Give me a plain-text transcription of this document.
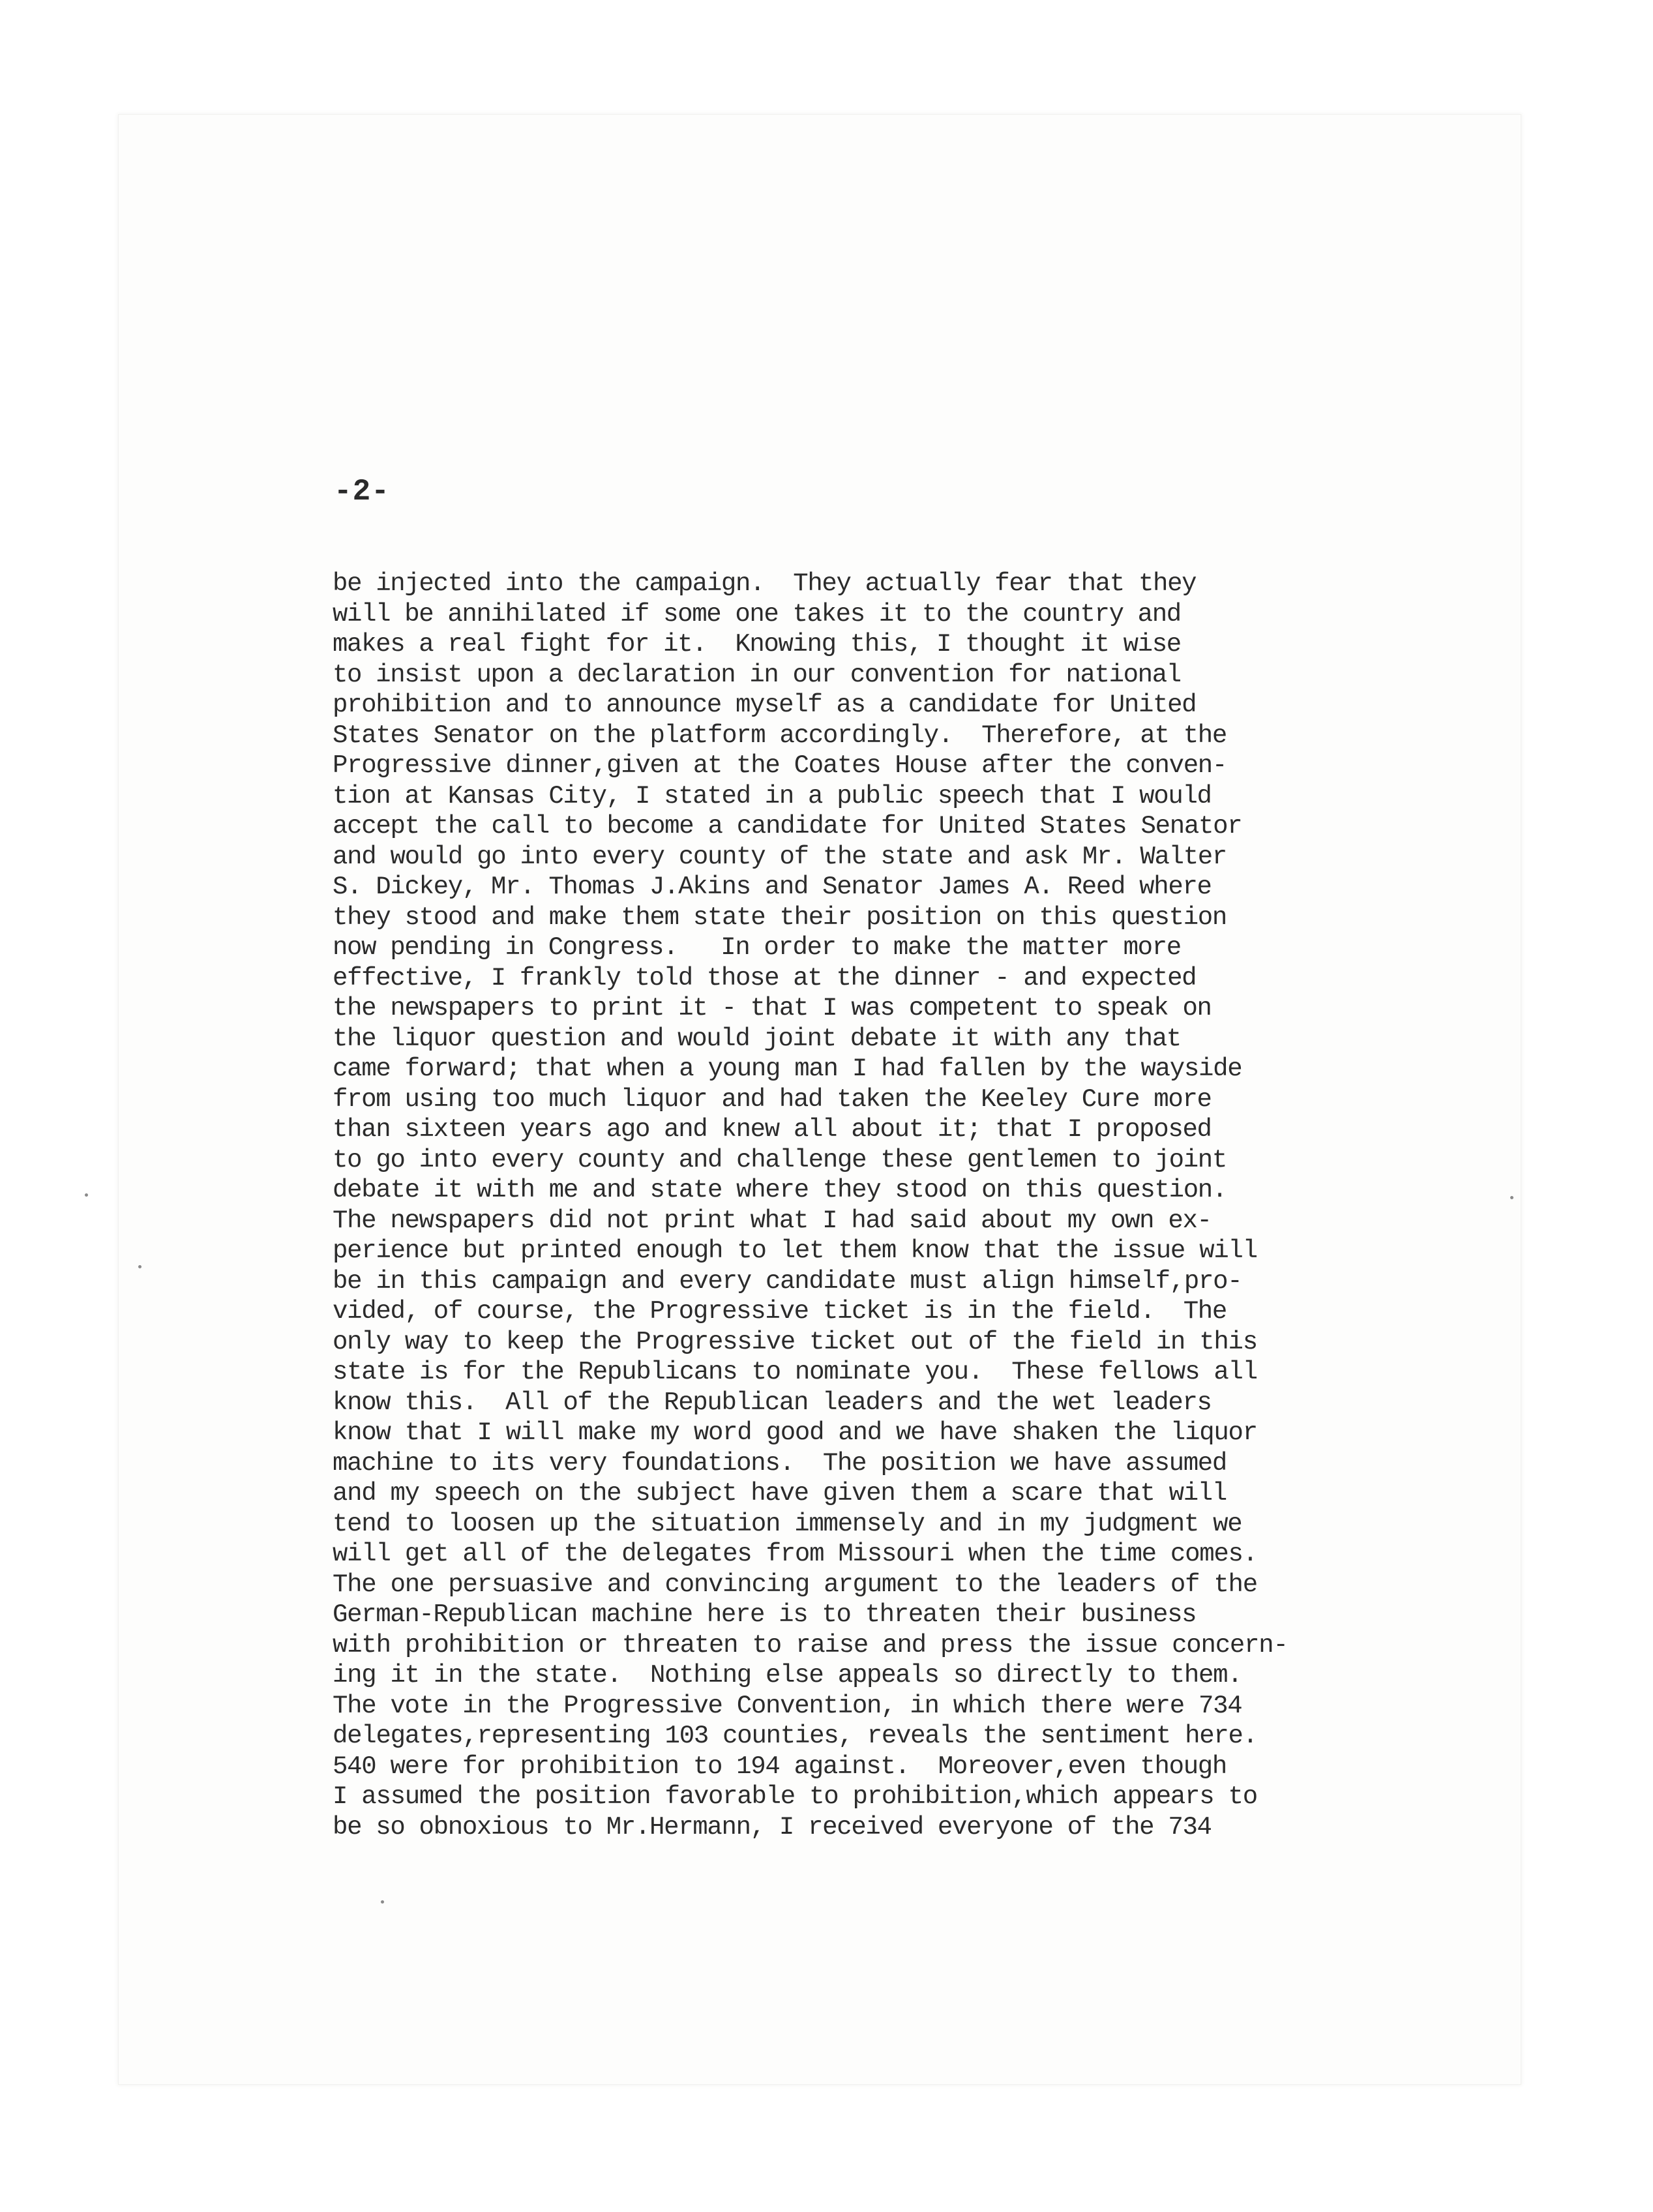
-2-
be injected into the campaign.  They actually fear that they
will be annihilated if some one takes it to the country and
makes a real fight for it.  Knowing this, I thought it wise
to insist upon a declaration in our convention for national
prohibition and to announce myself as a candidate for United
States Senator on the platform accordingly.  Therefore, at the
Progressive dinner,given at the Coates House after the conven-
tion at Kansas City, I stated in a public speech that I would
accept the call to become a candidate for United States Senator
and would go into every county of the state and ask Mr. Walter
S. Dickey, Mr. Thomas J.Akins and Senator James A. Reed where
they stood and make them state their position on this question
now pending in Congress.   In order to make the matter more
effective, I frankly told those at the dinner - and expected
the newspapers to print it - that I was competent to speak on
the liquor question and would joint debate it with any that
came forward; that when a young man I had fallen by the wayside
from using too much liquor and had taken the Keeley Cure more
than sixteen years ago and knew all about it; that I proposed
to go into every county and challenge these gentlemen to joint
debate it with me and state where they stood on this question.
The newspapers did not print what I had said about my own ex-
perience but printed enough to let them know that the issue will
be in this campaign and every candidate must align himself,pro-
vided, of course, the Progressive ticket is in the field.  The
only way to keep the Progressive ticket out of the field in this
state is for the Republicans to nominate you.  These fellows all
know this.  All of the Republican leaders and the wet leaders
know that I will make my word good and we have shaken the liquor
machine to its very foundations.  The position we have assumed
and my speech on the subject have given them a scare that will
tend to loosen up the situation immensely and in my judgment we
will get all of the delegates from Missouri when the time comes.
The one persuasive and convincing argument to the leaders of the
German-Republican machine here is to threaten their business
with prohibition or threaten to raise and press the issue concern-
ing it in the state.  Nothing else appeals so directly to them.
The vote in the Progressive Convention, in which there were 734
delegates,representing 103 counties, reveals the sentiment here.
540 were for prohibition to 194 against.  Moreover,even though
I assumed the position favorable to prohibition,which appears to
be so obnoxious to Mr.Hermann, I received everyone of the 734
